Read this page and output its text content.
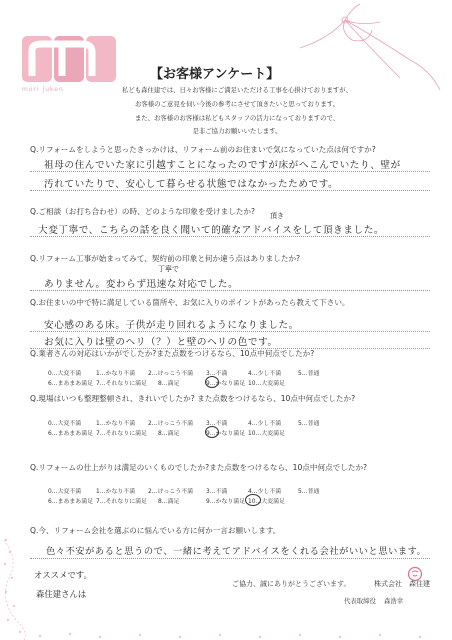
mori juken
【お客様アンケート】
私ども森住建では、日々お客様にご満足いただける工事を心掛けておりますが、
お客様のご意見を伺い今後の参考にさせて頂きたいと思っております。
また、お客様のお客様は私どもスタッフの活力になっておりますので、
是非ご協力お願いいたします。
Q.リフォームをしようと思ったきっかけは、リフォーム前のお住まいで気になっていた点は何ですか?
祖母の住んでいた家に引越すことになったのですが床がへこんでいたり、壁が
汚れていたりで、安心して暮らせる状態ではなかったためです。
Q.ご相談（お打ち合わせ）の時、どのような印象を受けましたか? 頂き
大変丁寧で、こちらの話を良く聞いて的確なアドバイスをして頂きました。
Q.リフォーム工事が始まってみて、契約前の印象と何か違う点はありましたか?
丁寧で
ありません。変わらず迅速な対応でした。
Q.お住まいの中で特に満足している箇所や、お気に入りのポイントがあったら教えて下さい。
安心感のある床。子供が走り回れるようになりました。
お気に入りは壁のヘリ（？）と壁のヘリの色です。
Q.業者さんの対応はいかがでしたか?また点数をつけるなら、10点中何点でしたか?
0…大変不満	1…かなり不満 2…けっこう不満 3…不満	4…少し不満	5…普通
6…まあまあ満足 7…それなりに満足 8…満足	9…かなり満足 10…大変満足
Q.現場はいつも整理整頓され、きれいでしたか? また点数をつけるなら、10点中何点でしたか?
0…大変不満	1…かなり不満 2…けっこう不満 3…不満	4…少し不満	5…普通
6…まあまあ満足 7…それなりに満足 8…満足	9…かなり満足 10…大変満足
Q.リフォームの仕上がりは満足のいくものでしたか?また点数をつけるなら、10点中何点でしたか?
0…大変不満	1…かなり不満 2…けっこう不満 3…不満	4…少し不満	5…普通
6…まあまあ満足 7…それなりに満足 8…満足	9…かなり満足 10…大変満足
Q.今、リフォーム会社を選ぶのに悩んでいる方に何か一言お願いします。
色々不安があると思うので、一緒に考えてアドバイスをくれる会社がいいと思います。
オススメです。
森住建さんは
ご協力、誠にありがとうございます。	株式会社　森住建
代表取締役 森浩幸
